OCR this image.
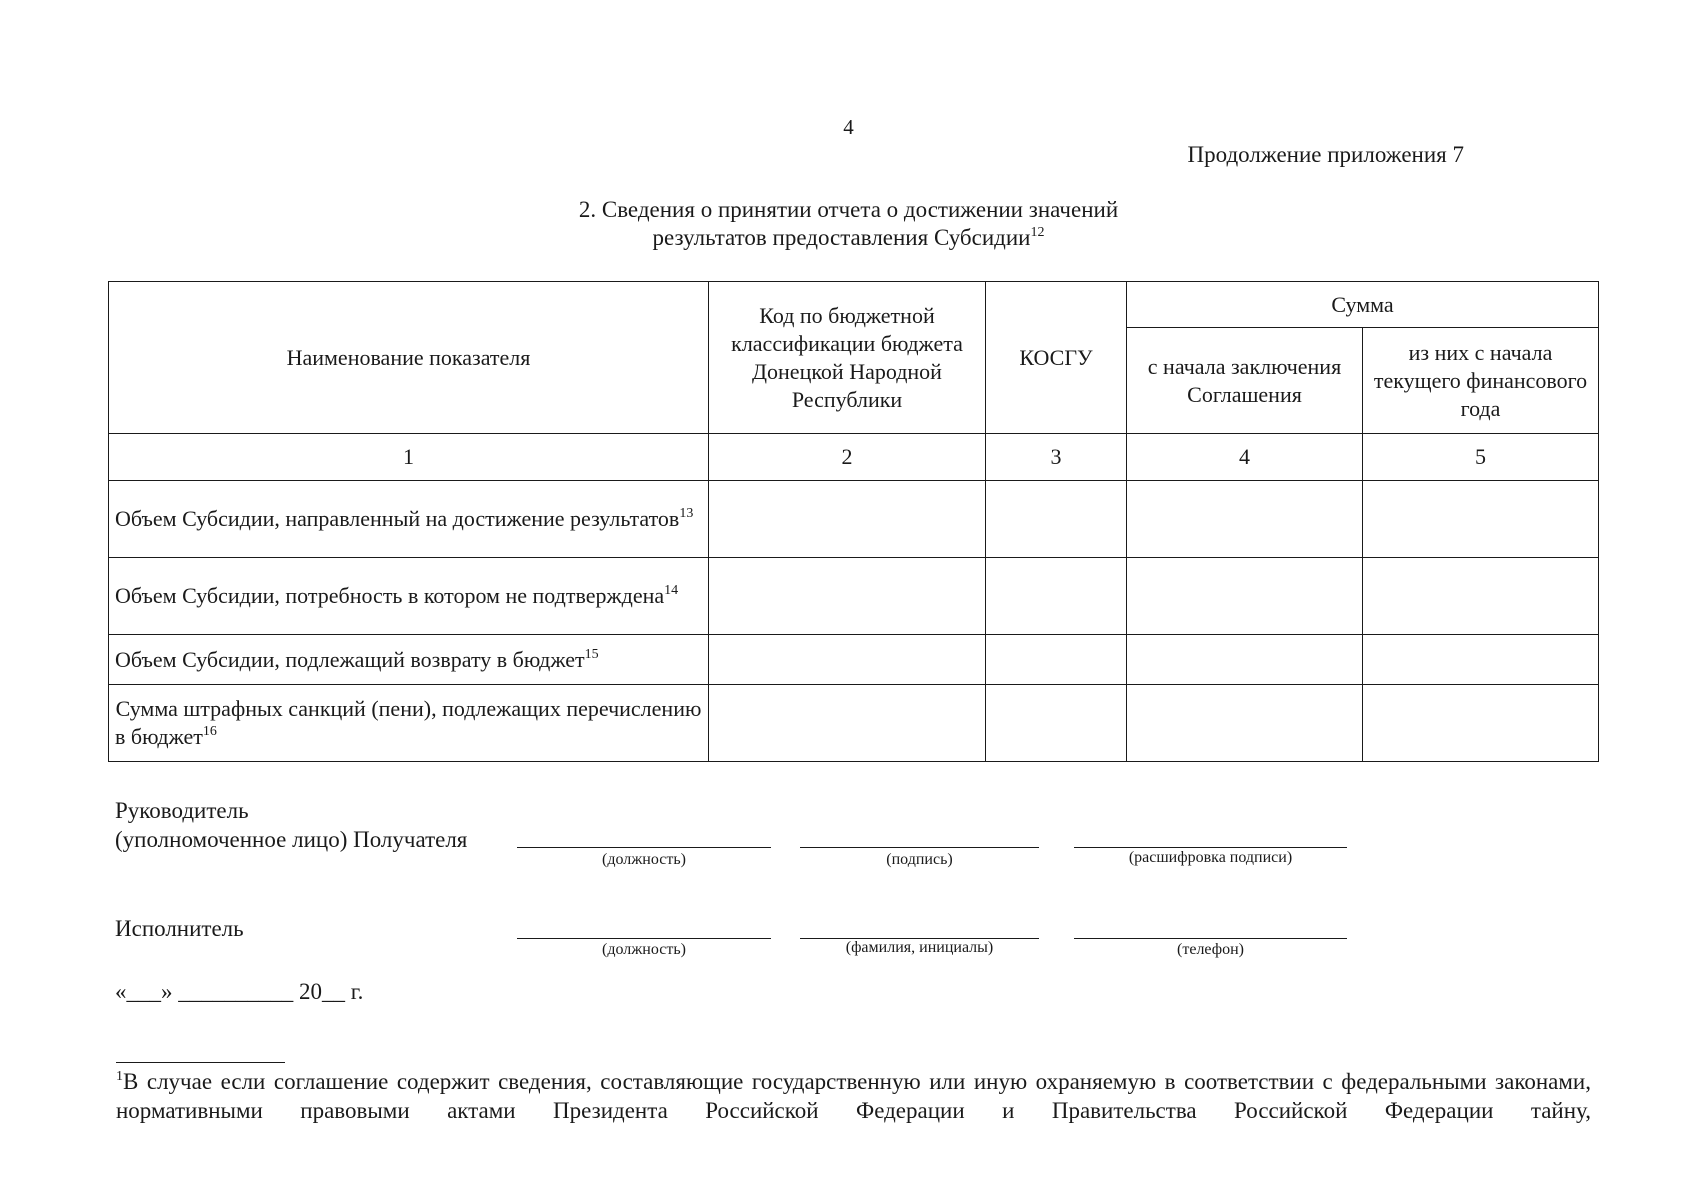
4
Продолжение приложения 7
2. Сведения о принятии отчета о достижении значений
результатов предоставления Субсидии$^{12}$
Наименование показателя	Код по бюджетной классификации бюджета Донецкой Народной Республики	КОСГУ	Сумма	
			с начала заключения Соглашения	из них с начала текущего финансового года
1	2	3	4	5
Объем Субсидии, направленный на достижение результатов$^{13}$				
Объем Субсидии, потребность в котором не подтверждена$^{14}$				
Объем Субсидии, подлежащий возврату в бюджет$^{15}$				
Сумма штрафных санкций (пени), подлежащих перечислению в бюджет$^{16}$				
Руководитель
(уполномоченное лицо) Получателя
(должность)	(подпись)	(расшифровка подписи)
Исполнитель
(должность)	(фамилия, инициалы)	(телефон)
«___» __________ 20__ г.
$^1$В случае если соглашение содержит сведения, составляющие государственную или иную охраняемую в соответствии с федеральными законами, нормативными правовыми актами Президента Российской Федерации и Правительства Российской Федерации тайну,
